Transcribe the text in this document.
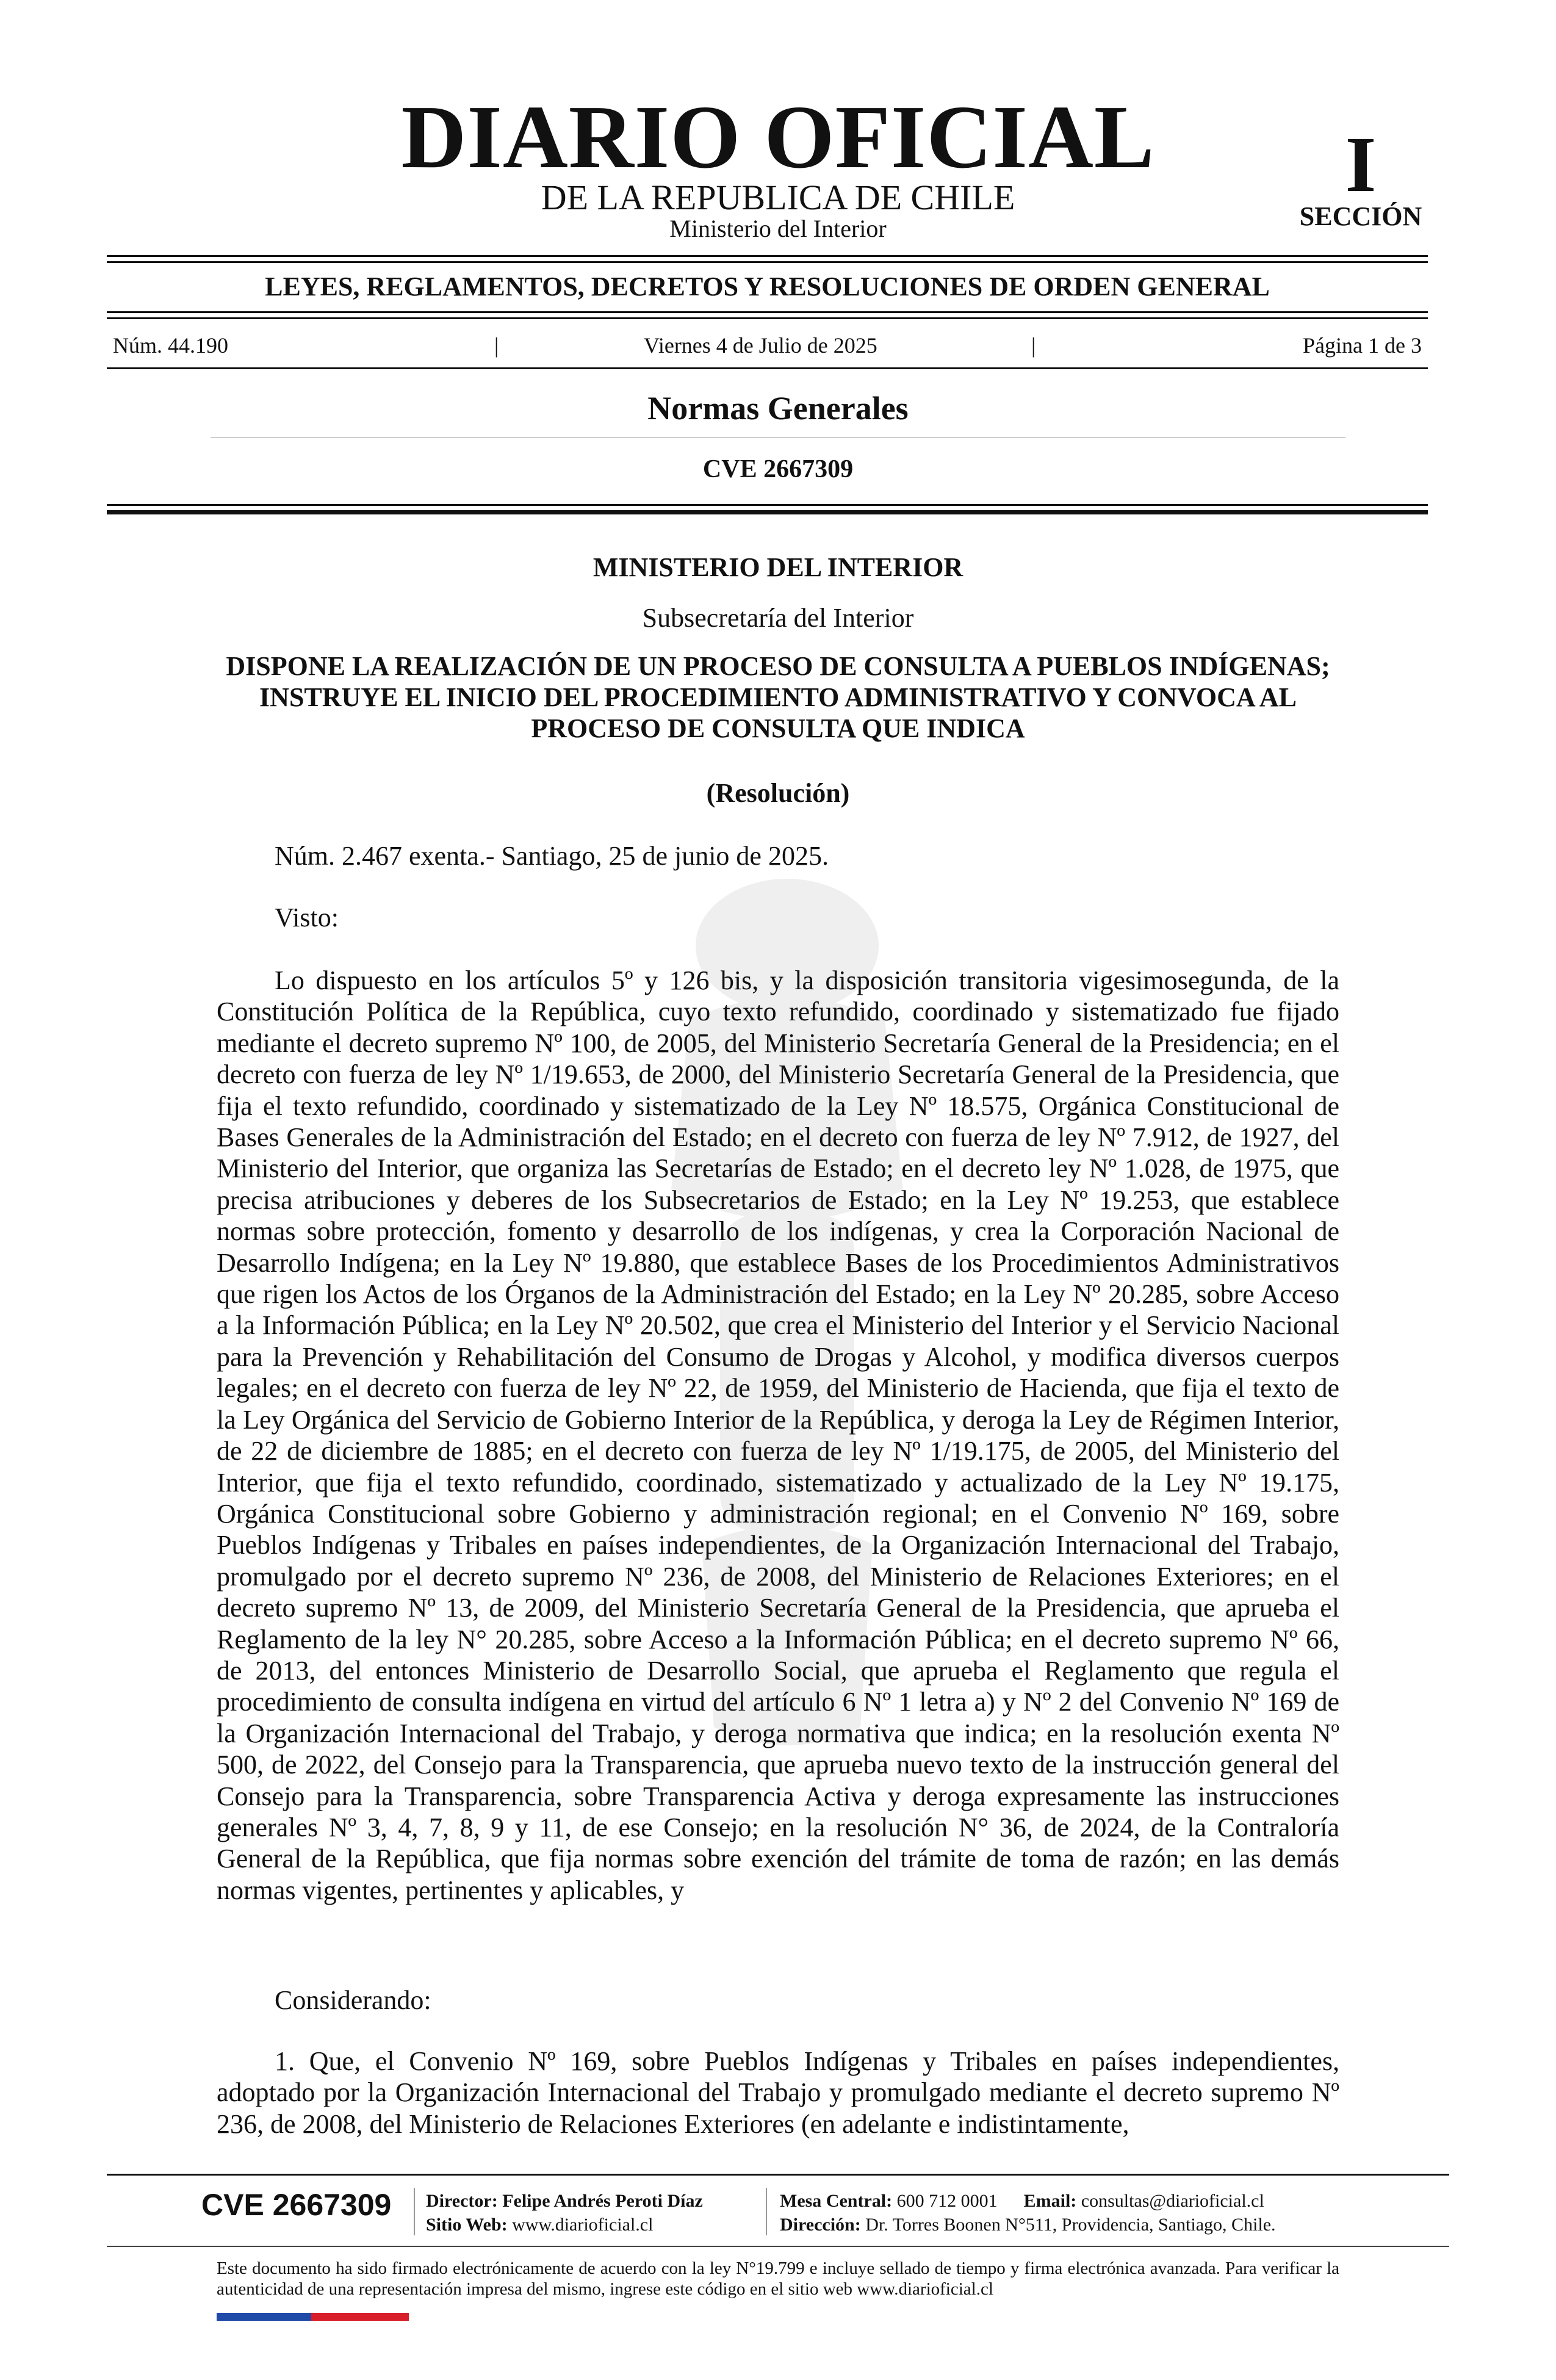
DIARIO OFICIAL
DE LA REPUBLICA DE CHILE
Ministerio del Interior
I
SECCIÓN
LEYES, REGLAMENTOS, DECRETOS Y RESOLUCIONES DE ORDEN GENERAL
Núm. 44.190	|	Viernes 4 de Julio de 2025	|	Página 1 de 3
Normas Generales
CVE 2667309
MINISTERIO DEL INTERIOR
Subsecretaría del Interior
DISPONE LA REALIZACIÓN DE UN PROCESO DE CONSULTA A PUEBLOS INDÍGENAS; INSTRUYE EL INICIO DEL PROCEDIMIENTO ADMINISTRATIVO Y CONVOCA AL PROCESO DE CONSULTA QUE INDICA
(Resolución)
Núm. 2.467 exenta.- Santiago, 25 de junio de 2025.
Visto:
Lo dispuesto en los artículos 5º y 126 bis, y la disposición transitoria vigesimosegunda, de la Constitución Política de la República, cuyo texto refundido, coordinado y sistematizado fue fijado mediante el decreto supremo Nº 100, de 2005, del Ministerio Secretaría General de la Presidencia; en el decreto con fuerza de ley Nº 1/19.653, de 2000, del Ministerio Secretaría General de la Presidencia, que fija el texto refundido, coordinado y sistematizado de la Ley Nº 18.575, Orgánica Constitucional de Bases Generales de la Administración del Estado; en el decreto con fuerza de ley Nº 7.912, de 1927, del Ministerio del Interior, que organiza las Secretarías de Estado; en el decreto ley Nº 1.028, de 1975, que precisa atribuciones y deberes de los Subsecretarios de Estado; en la Ley Nº 19.253, que establece normas sobre protección, fomento y desarrollo de los indígenas, y crea la Corporación Nacional de Desarrollo Indígena; en la Ley Nº 19.880, que establece Bases de los Procedimientos Administrativos que rigen los Actos de los Órganos de la Administración del Estado; en la Ley Nº 20.285, sobre Acceso a la Información Pública; en la Ley Nº 20.502, que crea el Ministerio del Interior y el Servicio Nacional para la Prevención y Rehabilitación del Consumo de Drogas y Alcohol, y modifica diversos cuerpos legales; en el decreto con fuerza de ley Nº 22, de 1959, del Ministerio de Hacienda, que fija el texto de la Ley Orgánica del Servicio de Gobierno Interior de la República, y deroga la Ley de Régimen Interior, de 22 de diciembre de 1885; en el decreto con fuerza de ley Nº 1/19.175, de 2005, del Ministerio del Interior, que fija el texto refundido, coordinado, sistematizado y actualizado de la Ley Nº 19.175, Orgánica Constitucional sobre Gobierno y administración regional; en el Convenio Nº 169, sobre Pueblos Indígenas y Tribales en países independientes, de la Organización Internacional del Trabajo, promulgado por el decreto supremo Nº 236, de 2008, del Ministerio de Relaciones Exteriores; en el decreto supremo Nº 13, de 2009, del Ministerio Secretaría General de la Presidencia, que aprueba el Reglamento de la ley N° 20.285, sobre Acceso a la Información Pública; en el decreto supremo Nº 66, de 2013, del entonces Ministerio de Desarrollo Social, que aprueba el Reglamento que regula el procedimiento de consulta indígena en virtud del artículo 6 Nº 1 letra a) y Nº 2 del Convenio Nº 169 de la Organización Internacional del Trabajo, y deroga normativa que indica; en la resolución exenta Nº 500, de 2022, del Consejo para la Transparencia, que aprueba nuevo texto de la instrucción general del Consejo para la Transparencia, sobre Transparencia Activa y deroga expresamente las instrucciones generales Nº 3, 4, 7, 8, 9 y 11, de ese Consejo; en la resolución N° 36, de 2024, de la Contraloría General de la República, que fija normas sobre exención del trámite de toma de razón; en las demás normas vigentes, pertinentes y aplicables, y
Considerando:
1. Que, el Convenio Nº 169, sobre Pueblos Indígenas y Tribales en países independientes, adoptado por la Organización Internacional del Trabajo y promulgado mediante el decreto supremo Nº 236, de 2008, del Ministerio de Relaciones Exteriores (en adelante e indistintamente,
CVE 2667309 Director: Felipe Andrés Peroti Díaz
Sitio Web: www.diarioficial.cl
Mesa Central: 600 712 0001 Email: consultas@diarioficial.cl
Dirección: Dr. Torres Boonen N°511, Providencia, Santiago, Chile.
Este documento ha sido firmado electrónicamente de acuerdo con la ley N°19.799 e incluye sellado de tiempo y firma electrónica avanzada. Para verificar la autenticidad de una representación impresa del mismo, ingrese este código en el sitio web www.diarioficial.cl
